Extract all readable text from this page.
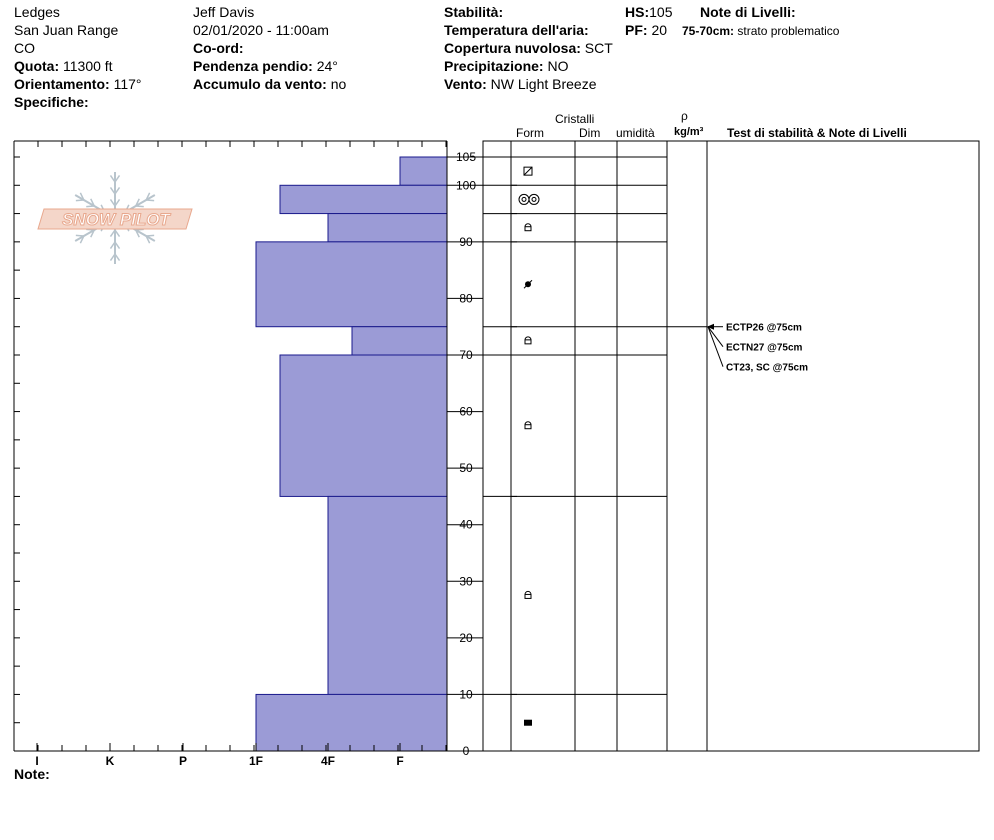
Ledges
San Juan Range
CO
Quota: 11300 ft
Orientamento: 117°
Specifiche:
Jeff Davis
02/01/2020 - 11:00am
Co-ord:
Pendenza pendio: 24°
Accumulo da vento: no
Stabilità:
Temperatura dell'aria:
Copertura nuvolosa: SCT
Precipitazione: NO
Vento: NW Light Breeze
HS:105
PF: 20
Note di Livelli:
75-70cm: strato problematico
Cristalli
Form	Dim umidità
ρ
kg/m³ Test di stabilità & Note di Livelli
SNOW PILOT
0
10
20
30
40
50
60
70
80
90
100
105
I	K	P	1F	4F	F
ECTP26 @75cm
ECTN27 @75cm
CT23, SC @75cm
Note:
